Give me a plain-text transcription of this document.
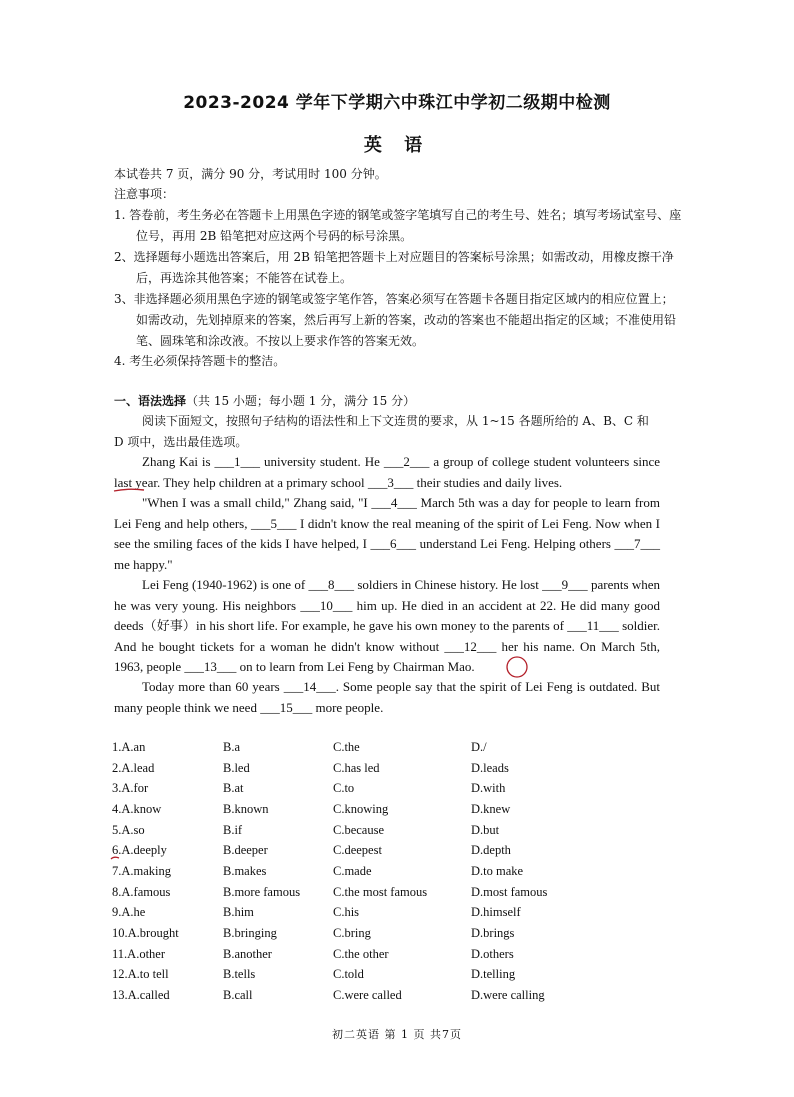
2023-2024 学年下学期六中珠江中学初二级期中检测
英 语
本试卷共 7 页，满分 90 分，考试用时 100 分钟。
注意事项：
1. 答卷前，考生务必在答题卡上用黑色字迹的钢笔或签字笔填写自己的考生号、姓名；填写考场试室号、座位号，再用 2B 铅笔把对应这两个号码的标号涂黑。
2、选择题每小题选出答案后，用 2B 铅笔把答题卡上对应题目的答案标号涂黑；如需改动，用橡皮擦干净后，再选涂其他答案；不能答在试卷上。
3、非选择题必须用黑色字迹的钢笔或签字笔作答，答案必须写在答题卡各题目指定区域内的相应位置上；如需改动，先划掉原来的答案，然后再写上新的答案，改动的答案也不能超出指定的区域；不准使用铅笔、圆珠笔和涂改液。不按以上要求作答的答案无效。
4. 考生必须保持答题卡的整洁。
一、语法选择（共 15 小题；每小题 1 分，满分 15 分）
阅读下面短文，按照句子结构的语法性和上下文连贯的要求，从 1~15 各题所给的 A、B、C 和 D 项中，选出最佳选项。

Zhang Kai is ___1___ university student. He ___2___ a group of college student volunteers since last year. They help children at a primary school ___3___ their studies and daily lives.

"When I was a small child," Zhang said, "I ___4___ March 5th was a day for people to learn from Lei Feng and help others, ___5___ I didn't know the real meaning of the spirit of Lei Feng. Now when I see the smiling faces of the kids I have helped, I ___6___ understand Lei Feng. Helping others ___7___ me happy."

Lei Feng (1940-1962) is one of ___8___ soldiers in Chinese history. He lost ___9___ parents when he was very young. His neighbors ___10___ him up. He died in an accident at 22. He did many good deeds（好事）in his short life. For example, he gave his own money to the parents of ___11___ soldier. And he bought tickets for a woman he didn't know without ___12___ her his name. On March 5th, 1963, people ___13___ on to learn from Lei Feng by Chairman Mao.

Today more than 60 years ___14___. Some people say that the spirit of Lei Feng is outdated. But many people think we need ___15___ more people.

1.A.an	B.a	C.the	D./
2.A.lead	B.led	C.has led	D.leads
3.A.for	B.at	C.to	D.with
4.A.know	B.known	C.knowing	D.knew
5.A.so	B.if	C.because	D.but
6.A.deeply	B.deeper	C.deepest	D.depth
7.A.making	B.makes	C.made	D.to make
8.A.famous	B.more famous	C.the most famous	D.most famous
9.A.he	B.him	C.his	D.himself
10.A.brought	B.bringing	C.bring	D.brings
11.A.other	B.another	C.the other	D.others
12.A.to tell	B.tells	C.told	D.telling
13.A.called	B.call	C.were called	D.were calling
初二英语 第 1 页 共7页
